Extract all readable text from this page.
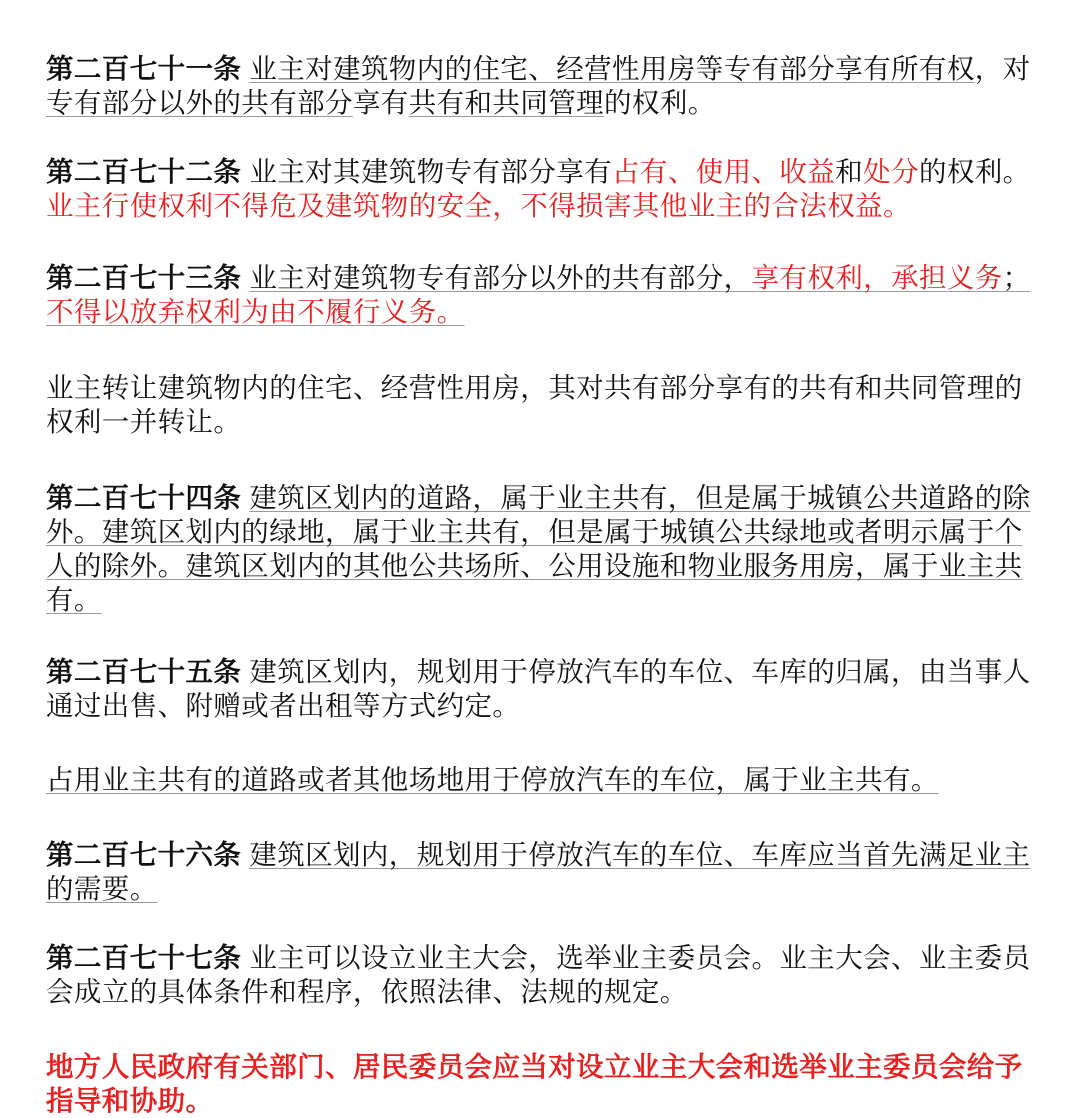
第二百七十一条 业主对建筑物内的住宅、经营性用房等专有部分享有所有权，对专有部分以外的共有部分享有共有和共同管理的权利。

第二百七十二条 业主对其建筑物专有部分享有占有、使用、收益和处分的权利。业主行使权利不得危及建筑物的安全，不得损害其他业主的合法权益。

第二百七十三条 业主对建筑物专有部分以外的共有部分，享有权利，承担义务；不得以放弃权利为由不履行义务。

业主转让建筑物内的住宅、经营性用房，其对共有部分享有的共有和共同管理的权利一并转让。

第二百七十四条 建筑区划内的道路，属于业主共有，但是属于城镇公共道路的除外。建筑区划内的绿地，属于业主共有，但是属于城镇公共绿地或者明示属于个人的除外。建筑区划内的其他公共场所、公用设施和物业服务用房，属于业主共有。

第二百七十五条 建筑区划内，规划用于停放汽车的车位、车库的归属，由当事人通过出售、附赠或者出租等方式约定。

占用业主共有的道路或者其他场地用于停放汽车的车位，属于业主共有。

第二百七十六条 建筑区划内，规划用于停放汽车的车位、车库应当首先满足业主的需要。

第二百七十七条 业主可以设立业主大会，选举业主委员会。业主大会、业主委员会成立的具体条件和程序，依照法律、法规的规定。

地方人民政府有关部门、居民委员会应当对设立业主大会和选举业主委员会给予指导和协助。
